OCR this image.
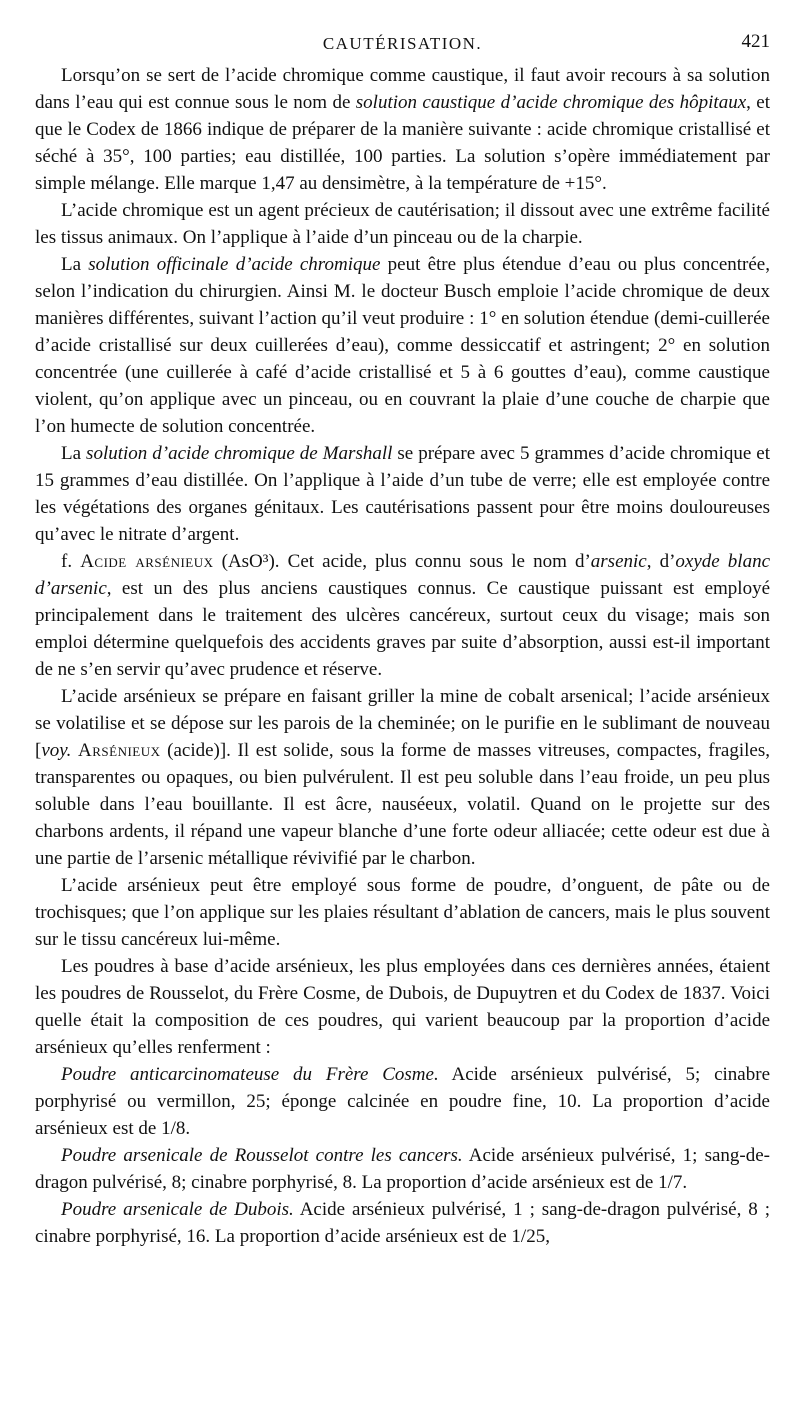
CAUTÉRISATION.	421

Lorsqu’on se sert de l’acide chromique comme caustique, il faut avoir recours à sa solution dans l’eau qui est connue sous le nom de solution caustique d’acide chromique des hôpitaux, et que le Codex de 1866 indique de préparer de la manière suivante : acide chromique cristallisé et séché à 35°, 100 parties; eau distillée, 100 parties. La solution s’opère immédiatement par simple mélange. Elle marque 1,47 au densimètre, à la température de +15°.

L’acide chromique est un agent précieux de cautérisation; il dissout avec une extrême facilité les tissus animaux. On l’applique à l’aide d’un pinceau ou de la charpie.

La solution officinale d’acide chromique peut être plus étendue d’eau ou plus concentrée, selon l’indication du chirurgien. Ainsi M. le docteur Busch emploie l’acide chromique de deux manières différentes, suivant l’action qu’il veut produire : 1° en solution étendue (demi-cuillerée d’acide cristallisé sur deux cuillerées d’eau), comme dessiccatif et astringent; 2° en solution concentrée (une cuillerée à café d’acide cristallisé et 5 à 6 gouttes d’eau), comme caustique violent, qu’on applique avec un pinceau, ou en couvrant la plaie d’une couche de charpie que l’on humecte de solution concentrée.

La solution d’acide chromique de Marshall se prépare avec 5 grammes d’acide chromique et 15 grammes d’eau distillée. On l’applique à l’aide d’un tube de verre; elle est employée contre les végétations des organes génitaux. Les cautérisations passent pour être moins douloureuses qu’avec le nitrate d’argent.

f. Acide arsénieux (AsO³). Cet acide, plus connu sous le nom d’arsenic, d’oxyde blanc d’arsenic, est un des plus anciens caustiques connus. Ce caustique puissant est employé principalement dans le traitement des ulcères cancéreux, surtout ceux du visage; mais son emploi détermine quelquefois des accidents graves par suite d’absorption, aussi est-il important de ne s’en servir qu’avec prudence et réserve.

L’acide arsénieux se prépare en faisant griller la mine de cobalt arsenical; l’acide arsénieux se volatilise et se dépose sur les parois de la cheminée; on le purifie en le sublimant de nouveau [voy. Arsénieux (acide)]. Il est solide, sous la forme de masses vitreuses, compactes, fragiles, transparentes ou opaques, ou bien pulvérulent. Il est peu soluble dans l’eau froide, un peu plus soluble dans l’eau bouillante. Il est âcre, nauséeux, volatil. Quand on le projette sur des charbons ardents, il répand une vapeur blanche d’une forte odeur alliacée; cette odeur est due à une partie de l’arsenic métallique révivifié par le charbon.

L’acide arsénieux peut être employé sous forme de poudre, d’onguent, de pâte ou de trochisques; que l’on applique sur les plaies résultant d’ablation de cancers, mais le plus souvent sur le tissu cancéreux lui-même.

Les poudres à base d’acide arsénieux, les plus employées dans ces dernières années, étaient les poudres de Rousselot, du Frère Cosme, de Dubois, de Dupuytren et du Codex de 1837. Voici quelle était la composition de ces poudres, qui varient beaucoup par la proportion d’acide arsénieux qu’elles renferment :

Poudre anticarcinomateuse du Frère Cosme. Acide arsénieux pulvérisé, 5; cinabre porphyrisé ou vermillon, 25; éponge calcinée en poudre fine, 10. La proportion d’acide arsénieux est de 1/8.

Poudre arsenicale de Rousselot contre les cancers. Acide arsénieux pulvérisé, 1; sang-de-dragon pulvérisé, 8; cinabre porphyrisé, 8. La proportion d’acide arsénieux est de 1/7.

Poudre arsenicale de Dubois. Acide arsénieux pulvérisé, 1 ; sang-de-dragon pulvérisé, 8 ; cinabre porphyrisé, 16. La proportion d’acide arsénieux est de 1/25,
